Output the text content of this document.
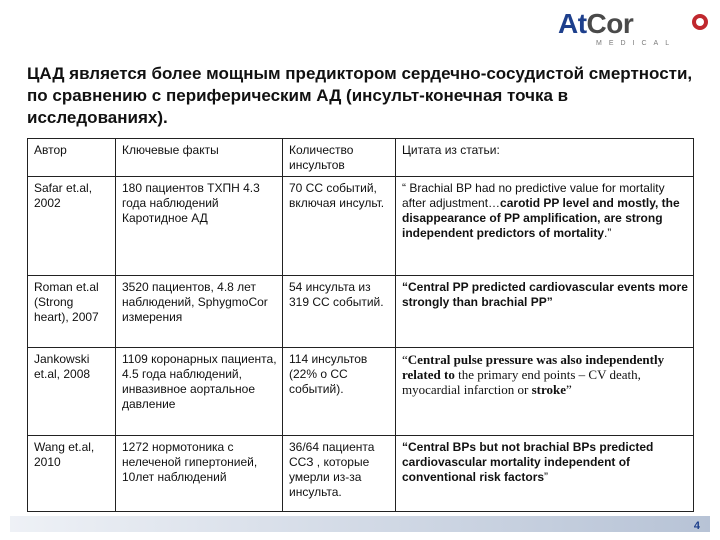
AtCor
MEDICAL
ЦАД является более мощным предиктором сердечно-сосудистой смертности, по сравнению с периферическим АД (инсульт-конечная точка в исследованиях).
Автор	Ключевые факты	Количество инсультов	Цитата из статьи:
Safar et.al, 2002	180 пациентов ТХПН 4.3 года наблюдений Каротидное АД	70 СС событий, включая инсульт.	“ Brachial BP had no predictive value for mortality after adjustment…carotid PP level and mostly, the disappearance of PP amplification, are strong independent predictors of mortality.”
Roman et.al (Strong heart), 2007	3520 пациентов, 4.8 лет наблюдений, SphygmoCor измерения	54 инсульта из 319 СС событий.	“Central PP predicted cardiovascular events more strongly than brachial PP”
Jankowski et.al, 2008	1109 коронарных пациента, 4.5 года наблюдений, инвазивное аортальное давление	114 инсультов (22% о СС событий).	“Central pulse pressure was also independently related to the primary end points – CV death, myocardial infarction or stroke”
Wang et.al, 2010	1272 нормотоника с нелеченой гипертонией, 10лет наблюдений	36/64 пациента ССЗ , которые умерли из-за инсульта.	“Central BPs but not brachial BPs predicted cardiovascular mortality independent of conventional risk factors”
4
